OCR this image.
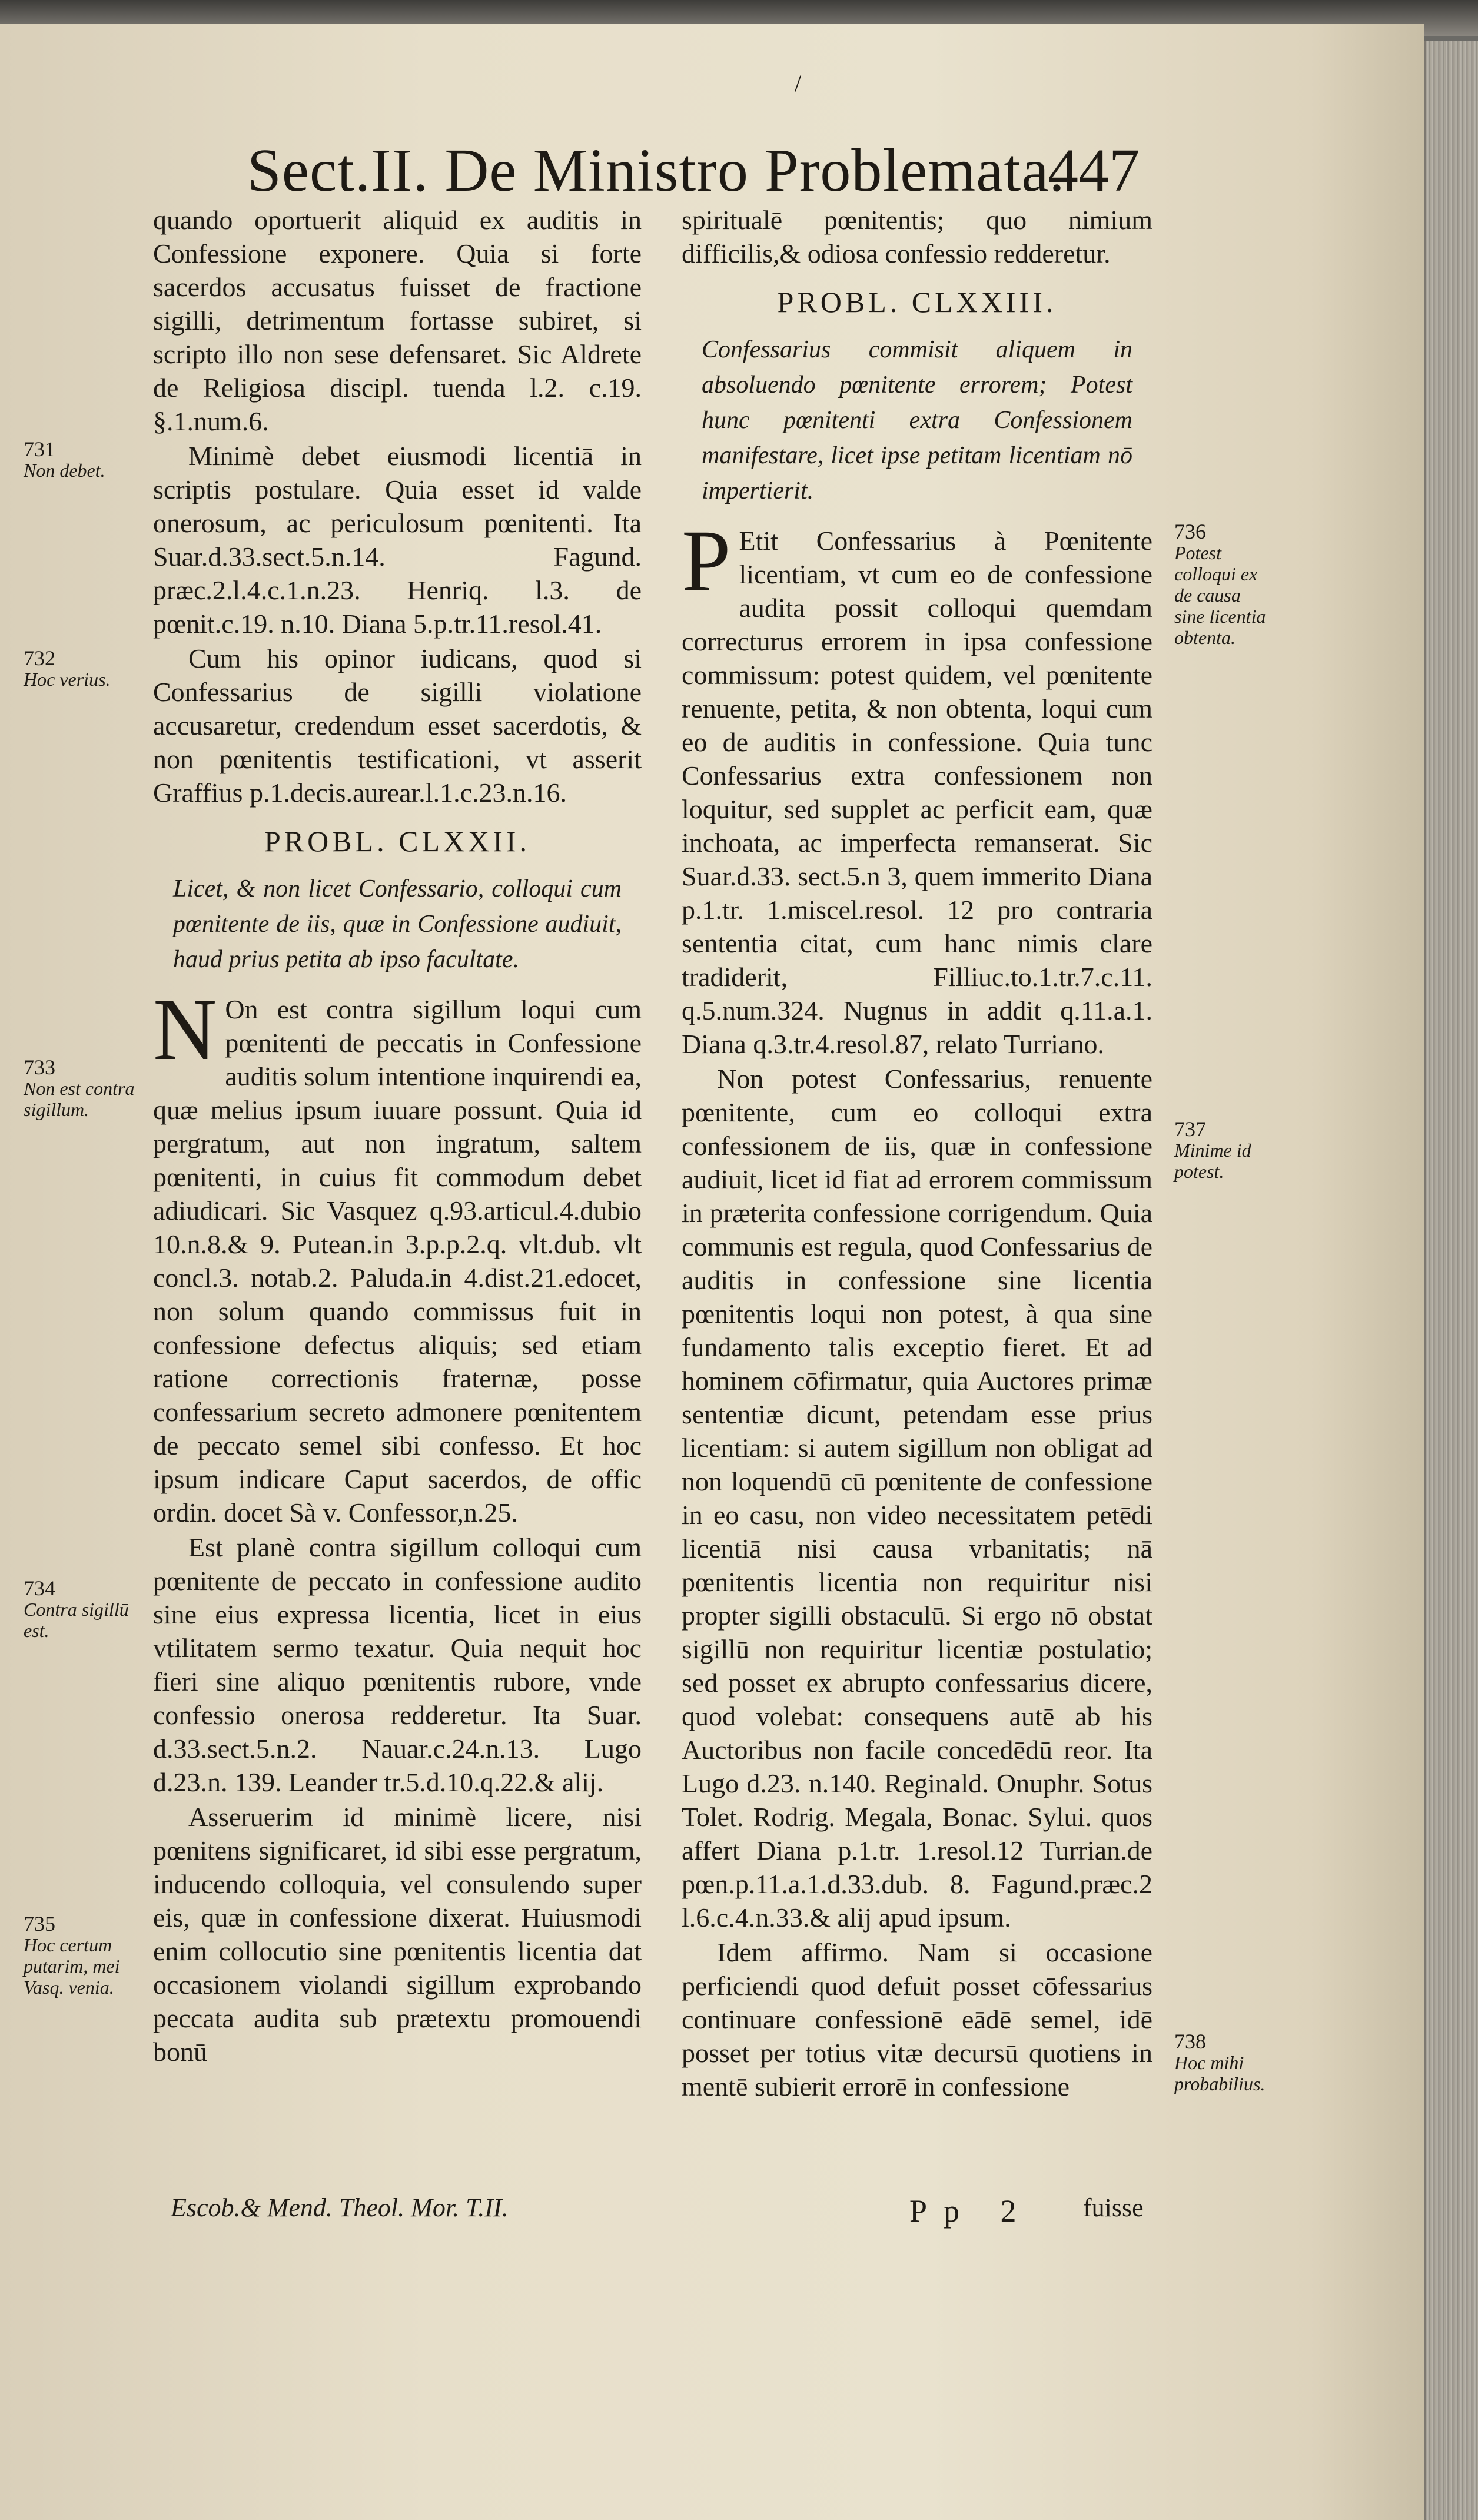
/
Sect.II. De Ministro Problemata.
447

quando oportuerit aliquid ex auditis in Confessione exponere. Quia si forte sacerdos accusatus fuisset de fractione sigilli, detrimentum fortasse subiret, si scripto illo non sese defensaret. Sic Aldrete de Religiosa discipl. tuenda l.2. c.19. §.1.num.6.

Minimè debet eiusmodi licentiā in scriptis postulare. Quia esset id valde onerosum, ac periculosum pœnitenti. Ita Suar.d.33.sect.5.n.14. Fagund. præc.2.l.4.c.1.n.23. Henriq. l.3. de pœnit.c.19. n.10. Diana 5.p.tr.11.resol.41.

Cum his opinor iudicans, quod si Confessarius de sigilli violatione accusaretur, credendum esset sacerdotis, & non pœnitentis testificationi, vt asserit Graffius p.1.decis.aurear.l.1.c.23.n.16.

PROBL. CLXXII.

Licet, & non licet Confessario, colloqui cum pœnitente de iis, quæ in Confessione audiuit, haud prius petita ab ipso facultate.

N On est contra sigillum loqui cum pœnitenti de peccatis in Confessione auditis solum intentione inquirendi ea, quæ melius ipsum iuuare possunt. Quia id pergratum, aut non ingratum, saltem pœnitenti, in cuius fit commodum debet adiudicari. Sic Vasquez q.93.articul.4.dubio 10.n.8.& 9. Putean.in 3.p.p.2.q. vlt.dub. vlt concl.3. notab.2. Paluda.in 4.dist.21.edocet, non solum quando commissus fuit in confessione defectus aliquis; sed etiam ratione correctionis fraternæ, posse confessarium secreto admonere pœnitentem de peccato semel sibi confesso. Et hoc ipsum indicare Caput sacerdos, de offic ordin. docet Sà v. Confessor,n.25.

Est planè contra sigillum colloqui cum pœnitente de peccato in confessione audito sine eius expressa licentia, licet in eius vtilitatem sermo texatur. Quia nequit hoc fieri sine aliquo pœnitentis rubore, vnde confessio onerosa redderetur. Ita Suar. d.33.sect.5.n.2. Nauar.c.24.n.13. Lugo d.23.n. 139. Leander tr.5.d.10.q.22.& alij.

Asseruerim id minimè licere, nisi pœnitens significaret, id sibi esse pergratum, inducendo colloquia, vel consulendo super eis, quæ in confessione dixerat. Huiusmodi enim collocutio sine pœnitentis licentia dat occasionem violandi sigillum exprobando peccata audita sub prætextu promouendi bonū

spiritualē pœnitentis; quo nimium difficilis,& odiosa confessio redderetur.

PROBL. CLXXIII.

Confessarius commisit aliquem in absoluendo pœnitente errorem; Potest hunc pœnitenti extra Confessionem manifestare, licet ipse petitam licentiam nō impertierit.

P Etit Confessarius à Pœnitente licentiam, vt cum eo de confessione audita possit colloqui quemdam correcturus errorem in ipsa confessione commissum: potest quidem, vel pœnitente renuente, petita, & non obtenta, loqui cum eo de auditis in confessione. Quia tunc Confessarius extra confessionem non loquitur, sed supplet ac perficit eam, quæ inchoata, ac imperfecta remanserat. Sic Suar.d.33. sect.5.n 3, quem immerito Diana p.1.tr. 1.miscel.resol. 12 pro contraria sententia citat, cum hanc nimis clare tradiderit, Filliuc.to.1.tr.7.c.11. q.5.num.324. Nugnus in addit q.11.a.1. Diana q.3.tr.4.resol.87, relato Turriano.

Non potest Confessarius, renuente pœnitente, cum eo colloqui extra confessionem de iis, quæ in confessione audiuit, licet id fiat ad errorem commissum in præterita confessione corrigendum. Quia communis est regula, quod Confessarius de auditis in confessione sine licentia pœnitentis loqui non potest, à qua sine fundamento talis exceptio fieret. Et ad hominem cōfirmatur, quia Auctores primæ sententiæ dicunt, petendam esse prius licentiam: si autem sigillum non obligat ad non loquendū cū pœnitente de confessione in eo casu, non video necessitatem petēdi licentiā nisi causa vrbanitatis; nā pœnitentis licentia non requiritur nisi propter sigilli obstaculū. Si ergo nō obstat sigillū non requiritur licentiæ postulatio; sed posset ex abrupto confessarius dicere, quod volebat: consequens autē ab his Auctoribus non facile concedēdū reor. Ita Lugo d.23. n.140. Reginald. Onuphr. Sotus Tolet. Rodrig. Megala, Bonac. Sylui. quos affert Diana p.1.tr. 1.resol.12 Turrian.de pœn.p.11.a.1.d.33.dub. 8. Fagund.præc.2 l.6.c.4.n.33.& alij apud ipsum.

Idem affirmo. Nam si occasione perficiendi quod defuit posset cōfessarius continuare confessionē eādē semel, idē posset per totius vitæ decursū quotiens in mentē subierit errorē in confessione

731
Non debet.
732
Hoc verius.
733
Non est contra sigillum.
734
Contra sigillū est.
735
Hoc certum putarim, mei Vasq. venia.
736
Potest colloqui ex de causa sine licentia obtenta.
737
Minime id potest.
738
Hoc mihi probabilius.
Escob.& Mend. Theol. Mor. T.II.	Pp 2 fuisse
